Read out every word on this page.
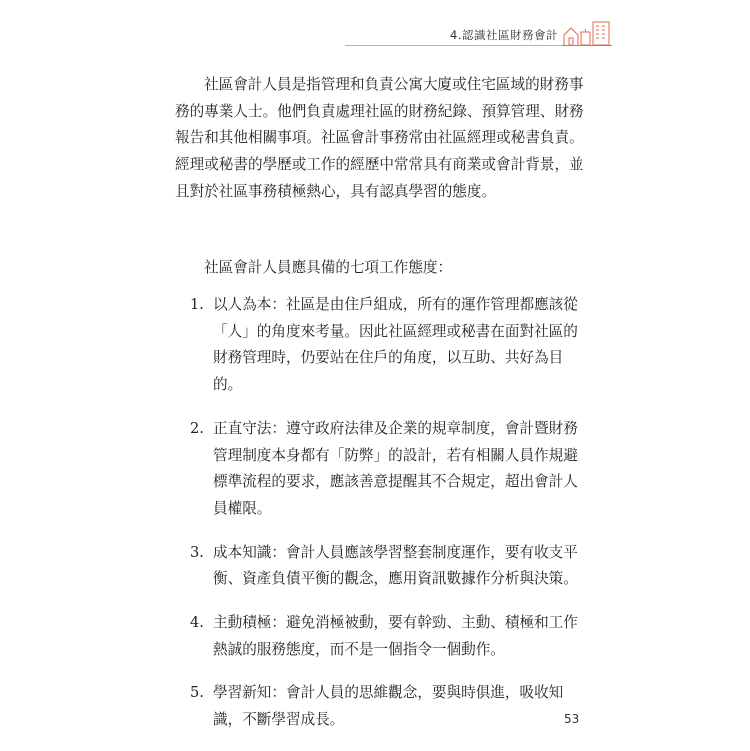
4.認識社區財務會計

社區會計人員是指管理和負責公寓大廈或住宅區域的財務事務的專業人士。他們負責處理社區的財務紀錄、預算管理、財務報告和其他相關事項。社區會計事務常由社區經理或秘書負責。經理或秘書的學歷或工作的經歷中常常具有商業或會計背景，並且對於社區事務積極熱心，具有認真學習的態度。

社區會計人員應具備的七項工作態度：

1. 以人為本：社區是由住戶組成，所有的運作管理都應該從「人」的角度來考量。因此社區經理或秘書在面對社區的財務管理時，仍要站在住戶的角度，以互助、共好為目的。
2. 正直守法：遵守政府法律及企業的規章制度，會計暨財務管理制度本身都有「防弊」的設計，若有相關人員作規避標準流程的要求，應該善意提醒其不合規定，超出會計人員權限。
3. 成本知識：會計人員應該學習整套制度運作，要有收支平衡、資產負債平衡的觀念，應用資訊數據作分析與決策。
4. 主動積極：避免消極被動，要有幹勁、主動、積極和工作熱誠的服務態度，而不是一個指令一個動作。
5. 學習新知：會計人員的思維觀念，要與時俱進，吸收知識，不斷學習成長。	53
